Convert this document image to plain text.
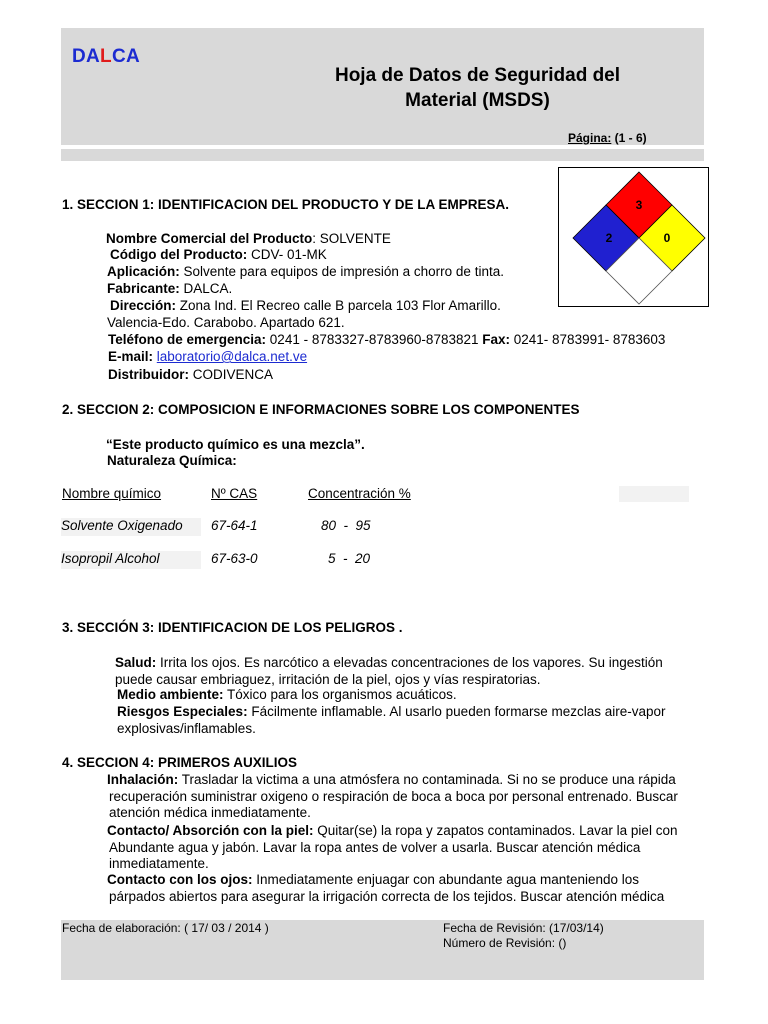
DALCA
Hoja de Datos de Seguridad del
Material (MSDS)
Página: (1 - 6)
3
2	0
1. SECCION 1: IDENTIFICACION DEL PRODUCTO Y DE LA EMPRESA.
Nombre Comercial del Producto: SOLVENTE
Código del Producto: CDV- 01-MK
Aplicación: Solvente para equipos de impresión a chorro de tinta.
Fabricante: DALCA.
Dirección: Zona Ind. El Recreo calle B parcela 103 Flor Amarillo.
Valencia-Edo. Carabobo. Apartado 621.
Teléfono de emergencia: 0241 - 8783327-8783960-8783821 Fax: 0241- 8783991- 8783603
E-mail: laboratorio@dalca.net.ve
Distribuidor: CODIVENCA
2. SECCION 2: COMPOSICION E INFORMACIONES SOBRE LOS COMPONENTES
“Este producto químico es una mezcla”.
Naturaleza Química:
Nombre químico	Nº CAS	Concentración %
Solvente Oxigenado	67-64-1	80  -  95
Isopropil Alcohol	67-63-0	5  -  20
3. SECCIÓN 3: IDENTIFICACION DE LOS PELIGROS .
Salud: Irrita los ojos. Es narcótico a elevadas concentraciones de los vapores. Su ingestión
puede causar embriaguez, irritación de la piel, ojos y vías respiratorias.
Medio ambiente: Tóxico para los organismos acuáticos.
Riesgos Especiales: Fácilmente inflamable. Al usarlo pueden formarse mezclas aire-vapor
explosivas/inflamables.
4. SECCION 4: PRIMEROS AUXILIOS
Inhalación: Trasladar la victima a una atmósfera no contaminada. Si no se produce una rápida
recuperación suministrar oxigeno o respiración de boca a boca por personal entrenado. Buscar
atención médica inmediatamente.
Contacto/ Absorción con la piel: Quitar(se) la ropa y zapatos contaminados. Lavar la piel con
Abundante agua y jabón. Lavar la ropa antes de volver a usarla. Buscar atención médica
inmediatamente.
Contacto con los ojos: Inmediatamente enjuagar con abundante agua manteniendo los
párpados abiertos para asegurar la irrigación correcta de los tejidos. Buscar atención médica
Fecha de elaboración: ( 17/ 03 / 2014 )	Fecha de Revisión: (17/03/14)
Número de Revisión: ()
